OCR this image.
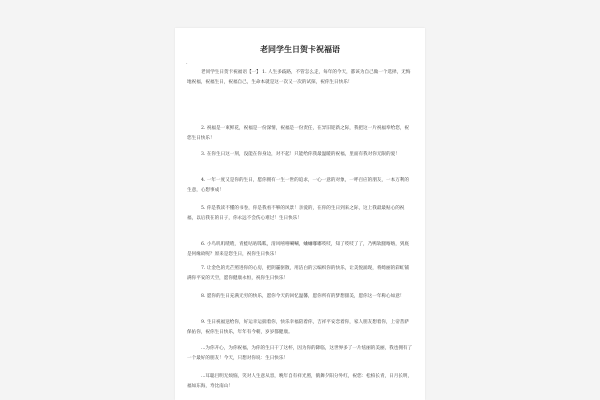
老同学生日贺卡祝福语
·

老同学生日贺卡祝福语【一】 1. 人生多歧路，不管怎么走，每年的今天，都该为自己做一个选择，无悔地祝福，祝福生日，祝福自己，生命本就是这一次又一次的试探，祝你生日快乐！

2. 祝福是一束鲜花，祝福是一份深情，祝福是一份责任，在异旧迎新之际，我把这一片祝福奉给您，祝您生日快乐！

3. 在你生日这一刻，没能在你身边，对不起！只能给你我最温暖的祝福，里面有我对你无限的爱！

4. 一年一度又是你的生日，愿你拥有一生一世的追求，一心一意的对象，一呼百应的朋友，一本万利的生意，心想事成！

5. 你是我读不懂的书卷，你是我看不够的风景！亲爱的，在你的生日到来之际，这上我最最贴心的祝福，以后我在的日子，你永远不会伤心难过！生日快乐！

6. 小鸟叽叽喳喳，青蛙咕咕呱呱，清风嘻嘻唰唰，蛐蛐嘟嘟吱吱，知了吱吱了了，乃鸭软腿喀喀，到底是何缘故呢？原来是您生日，祝你生日快乐！

7. 让金色的光芒照进你的心房，把阴霾驱散，用洁白的云编织你的快乐，让美悦涌现，将绮丽的彩虹铺满你平安的天空，愿你健康永恒，祝你生日快乐！

8. 愿你的生日充满无穷的快乐，愿你今天的回忆温馨，愿你所有的梦想甜美，愿你这一年称心如意！

9. 生日祝福送给你，好运幸运揣着你，快乐幸福陪着你，吉祥平安恋着你，家人朋友想着你，上帝菩萨保佑你，祝你生日快乐，年年有今朝，岁岁都健康。

...为你开心，为你祝福，为你的生日干了这杯，因为你的降临，这世界多了一片炫丽的美丽，我也拥有了一个最好的朋友！今天，只想对你说：生日快乐！

...耳聪目明无烦恼，笑对人生意从容，晚年自有祥光照，鹤舞夕阳分外红，祝您：松柏长青，日月长明，福如东海，寿比南山！
